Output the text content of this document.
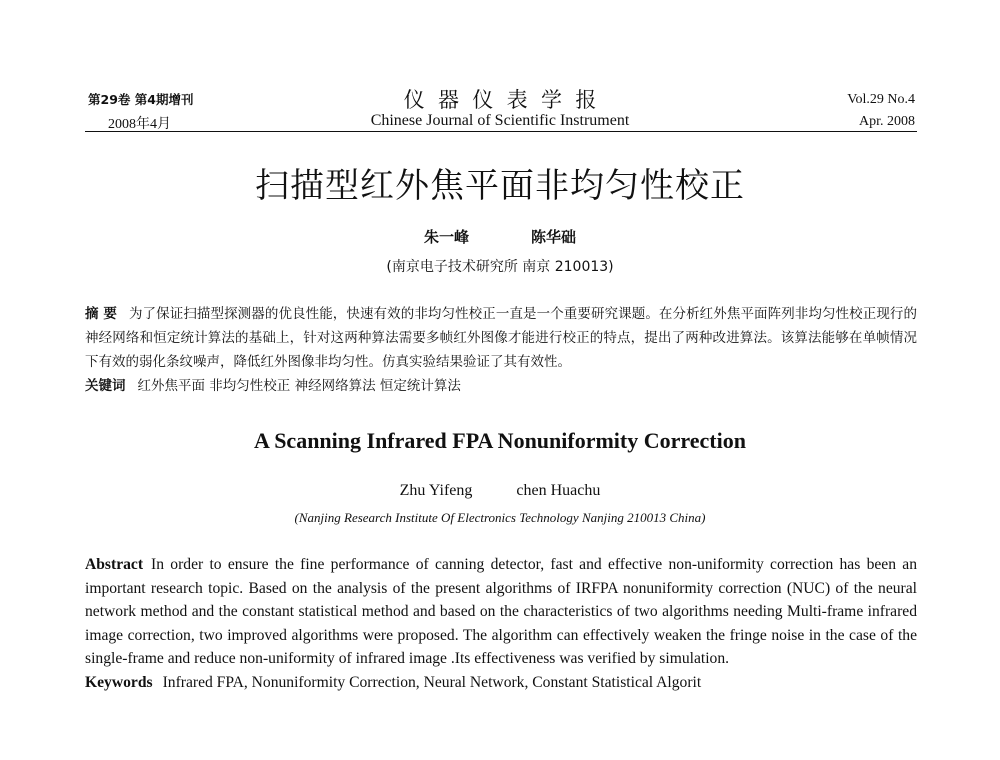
第29卷 第4期增刊
2008年4月
仪  器  仪  表  学  报
Chinese Journal of Scientific Instrument
Vol.29 No.4
Apr. 2008
扫描型红外焦平面非均匀性校正
朱一峰	陈华础
(南京电子技术研究所 南京 210013)
摘 要 为了保证扫描型探测器的优良性能，快速有效的非均匀性校正一直是一个重要研究课题。在分析红外焦平面阵列非均匀性校正现行的神经网络和恒定统计算法的基础上，针对这两种算法需要多帧红外图像才能进行校正的特点，提出了两种改进算法。该算法能够在单帧情况下有效的弱化条纹噪声，降低红外图像非均匀性。仿真实验结果验证了其有效性。
关键词 红外焦平面 非均匀性校正 神经网络算法 恒定统计算法
A Scanning Infrared FPA Nonuniformity Correction
Zhu Yifeng	chen Huachu
(Nanjing Research Institute Of Electronics Technology Nanjing 210013 China)
Abstract In order to ensure the fine performance of canning detector, fast and effective non-uniformity correction has been an important research topic. Based on the analysis of the present algorithms of IRFPA nonuniformity correction (NUC) of the neural network method and the constant statistical method and based on the characteristics of two algorithms needing Multi-frame infrared image correction, two improved algorithms were proposed. The algorithm can effectively weaken the fringe noise in the case of the single-frame and reduce non-uniformity of infrared image .Its effectiveness was verified by simulation.
Keywords Infrared FPA, Nonuniformity Correction, Neural Network, Constant Statistical Algorit
